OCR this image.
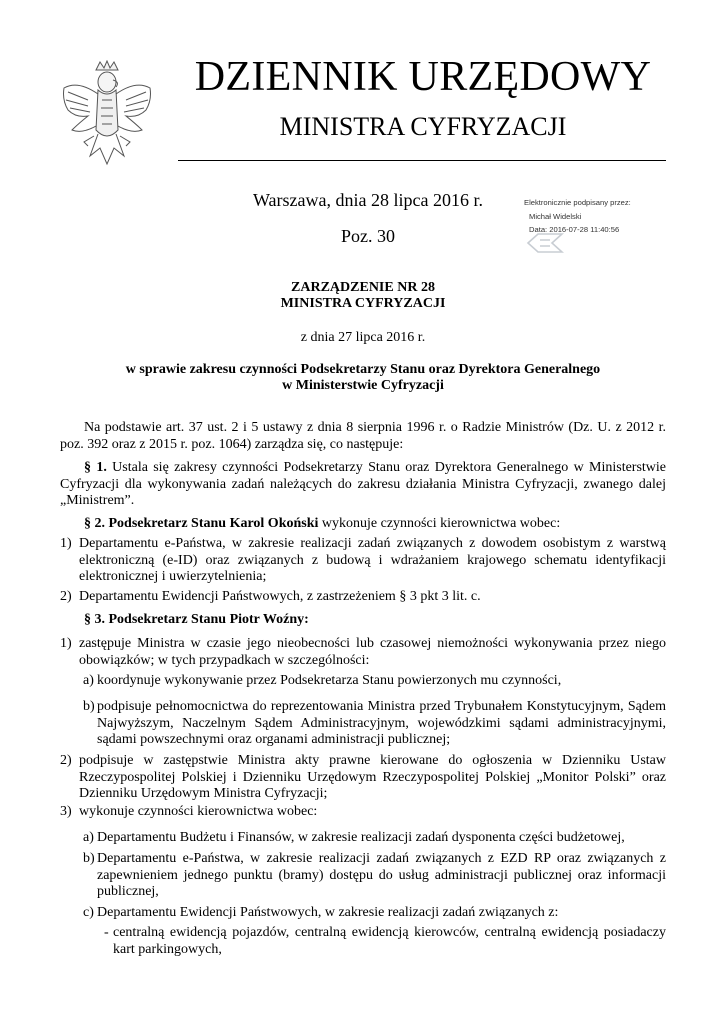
DZIENNIK URZĘDOWY
MINISTRA CYFRYZACJI
Warszawa, dnia 28 lipca 2016 r.
Poz. 30
Elektronicznie podpisany przez:
Michał Widelski
Data: 2016-07-28 11:40:56
ZARZĄDZENIE NR 28
MINISTRA CYFRYZACJI
z dnia 27 lipca 2016 r.
w sprawie zakresu czynności Podsekretarzy Stanu oraz Dyrektora Generalnego
w Ministerstwie Cyfryzacji
Na podstawie art. 37 ust. 2 i 5 ustawy z dnia 8 sierpnia 1996 r. o Radzie Ministrów (Dz. U. z 2012 r. poz. 392 oraz z 2015 r. poz. 1064) zarządza się, co następuje:
§ 1. Ustala się zakresy czynności Podsekretarzy Stanu oraz Dyrektora Generalnego w Ministerstwie Cyfryzacji dla wykonywania zadań należących do zakresu działania Ministra Cyfryzacji, zwanego dalej „Ministrem”.
§ 2. Podsekretarz Stanu Karol Okoński wykonuje czynności kierownictwa wobec:
1) Departamentu e-Państwa, w zakresie realizacji zadań związanych z dowodem osobistym z warstwą elektroniczną (e-ID) oraz związanych z budową i wdrażaniem krajowego schematu identyfikacji elektronicznej i uwierzytelnienia;
2) Departamentu Ewidencji Państwowych, z zastrzeżeniem § 3 pkt 3 lit. c.
§ 3. Podsekretarz Stanu Piotr Woźny:
1) zastępuje Ministra w czasie jego nieobecności lub czasowej niemożności wykonywania przez niego obowiązków; w tych przypadkach w szczególności:
a) koordynuje wykonywanie przez Podsekretarza Stanu powierzonych mu czynności,
b) podpisuje pełnomocnictwa do reprezentowania Ministra przed Trybunałem Konstytucyjnym, Sądem Najwyższym, Naczelnym Sądem Administracyjnym, wojewódzkimi sądami administracyjnymi, sądami powszechnymi oraz organami administracji publicznej;
2) podpisuje w zastępstwie Ministra akty prawne kierowane do ogłoszenia w Dzienniku Ustaw Rzeczypospolitej Polskiej i Dzienniku Urzędowym Rzeczypospolitej Polskiej „Monitor Polski” oraz Dzienniku Urzędowym Ministra Cyfryzacji;
3) wykonuje czynności kierownictwa wobec:
a) Departamentu Budżetu i Finansów, w zakresie realizacji zadań dysponenta części budżetowej,
b) Departamentu e-Państwa, w zakresie realizacji zadań związanych z EZD RP oraz związanych z zapewnieniem jednego punktu (bramy) dostępu do usług administracji publicznej oraz informacji publicznej,
c) Departamentu Ewidencji Państwowych, w zakresie realizacji zadań związanych z:
- centralną ewidencją pojazdów, centralną ewidencją kierowców, centralną ewidencją posiadaczy kart parkingowych,
